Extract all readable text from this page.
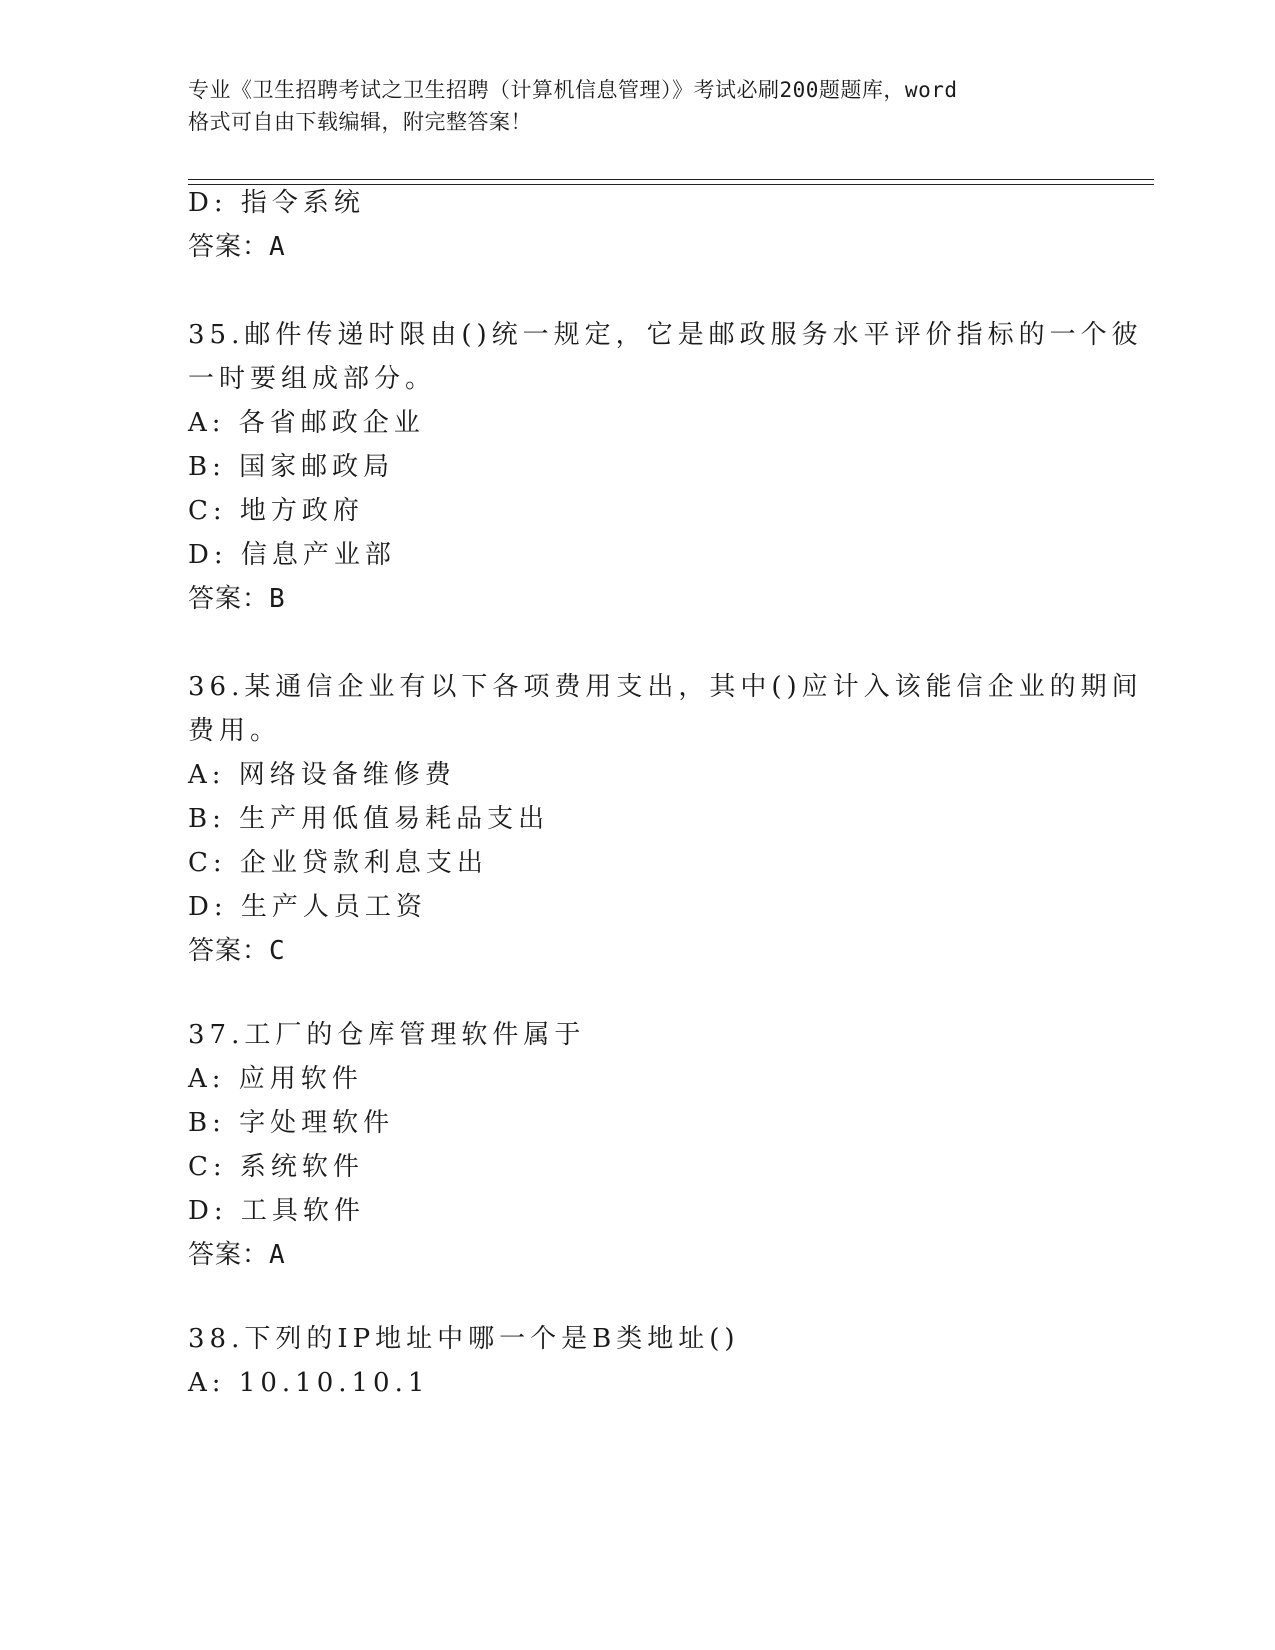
专业《卫生招聘考试之卫生招聘（计算机信息管理）》考试必刷200题题库，word
格式可自由下载编辑，附完整答案！
D: 指令系统
答案：A
35.邮件传递时限由()统一规定，它是邮政服务水平评价指标的一个彼
一时要组成部分。
A: 各省邮政企业
B: 国家邮政局
C: 地方政府
D: 信息产业部
答案：B
36.某通信企业有以下各项费用支出，其中()应计入该能信企业的期间
费用。
A: 网络设备维修费
B: 生产用低值易耗品支出
C: 企业贷款利息支出
D: 生产人员工资
答案：C
37.工厂的仓库管理软件属于
A: 应用软件
B: 字处理软件
C: 系统软件
D: 工具软件
答案：A
38.下列的IP地址中哪一个是B类地址()
A: 10.10.10.1
